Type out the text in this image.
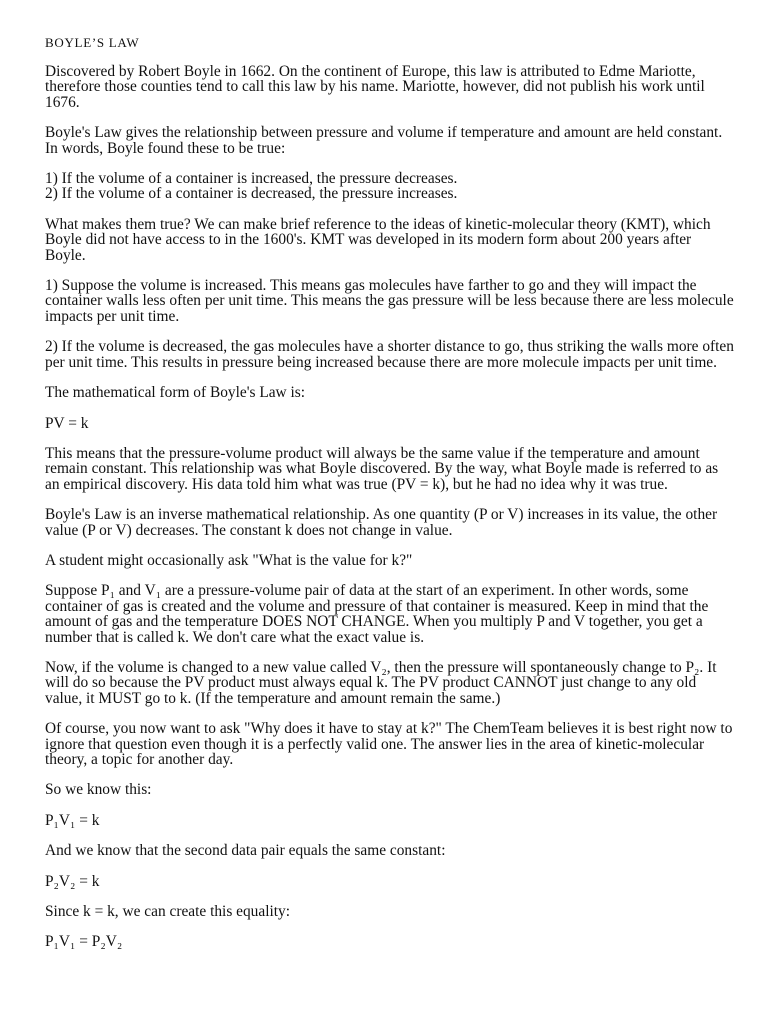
BOYLE’S LAW

Discovered by Robert Boyle in 1662. On the continent of Europe, this law is attributed to Edme Mariotte, therefore those counties tend to call this law by his name. Mariotte, however, did not publish his work until 1676.

Boyle's Law gives the relationship between pressure and volume if temperature and amount are held constant. In words, Boyle found these to be true:

1) If the volume of a container is increased, the pressure decreases.
2) If the volume of a container is decreased, the pressure increases.

What makes them true? We can make brief reference to the ideas of kinetic-molecular theory (KMT), which Boyle did not have access to in the 1600's. KMT was developed in its modern form about 200 years after Boyle.

1) Suppose the volume is increased. This means gas molecules have farther to go and they will impact the container walls less often per unit time. This means the gas pressure will be less because there are less molecule impacts per unit time.

2) If the volume is decreased, the gas molecules have a shorter distance to go, thus striking the walls more often per unit time. This results in pressure being increased because there are more molecule impacts per unit time.

The mathematical form of Boyle's Law is:

PV = k

This means that the pressure-volume product will always be the same value if the temperature and amount remain constant. This relationship was what Boyle discovered. By the way, what Boyle made is referred to as an empirical discovery. His data told him what was true (PV = k), but he had no idea why it was true.

Boyle's Law is an inverse mathematical relationship. As one quantity (P or V) increases in its value, the other value (P or V) decreases. The constant k does not change in value.

A student might occasionally ask "What is the value for k?"

Suppose P₁ and V₁ are a pressure-volume pair of data at the start of an experiment. In other words, some container of gas is created and the volume and pressure of that container is measured. Keep in mind that the amount of gas and the temperature DOES NOT CHANGE. When you multiply P and V together, you get a number that is called k. We don't care what the exact value is.

Now, if the volume is changed to a new value called V₂, then the pressure will spontaneously change to P₂. It will do so because the PV product must always equal k. The PV product CANNOT just change to any old value, it MUST go to k. (If the temperature and amount remain the same.)

Of course, you now want to ask "Why does it have to stay at k?" The ChemTeam believes it is best right now to ignore that question even though it is a perfectly valid one. The answer lies in the area of kinetic-molecular theory, a topic for another day.

So we know this:

P₁V₁ = k

And we know that the second data pair equals the same constant:

P₂V₂ = k

Since k = k, we can create this equality:

P₁V₁ = P₂V₂
